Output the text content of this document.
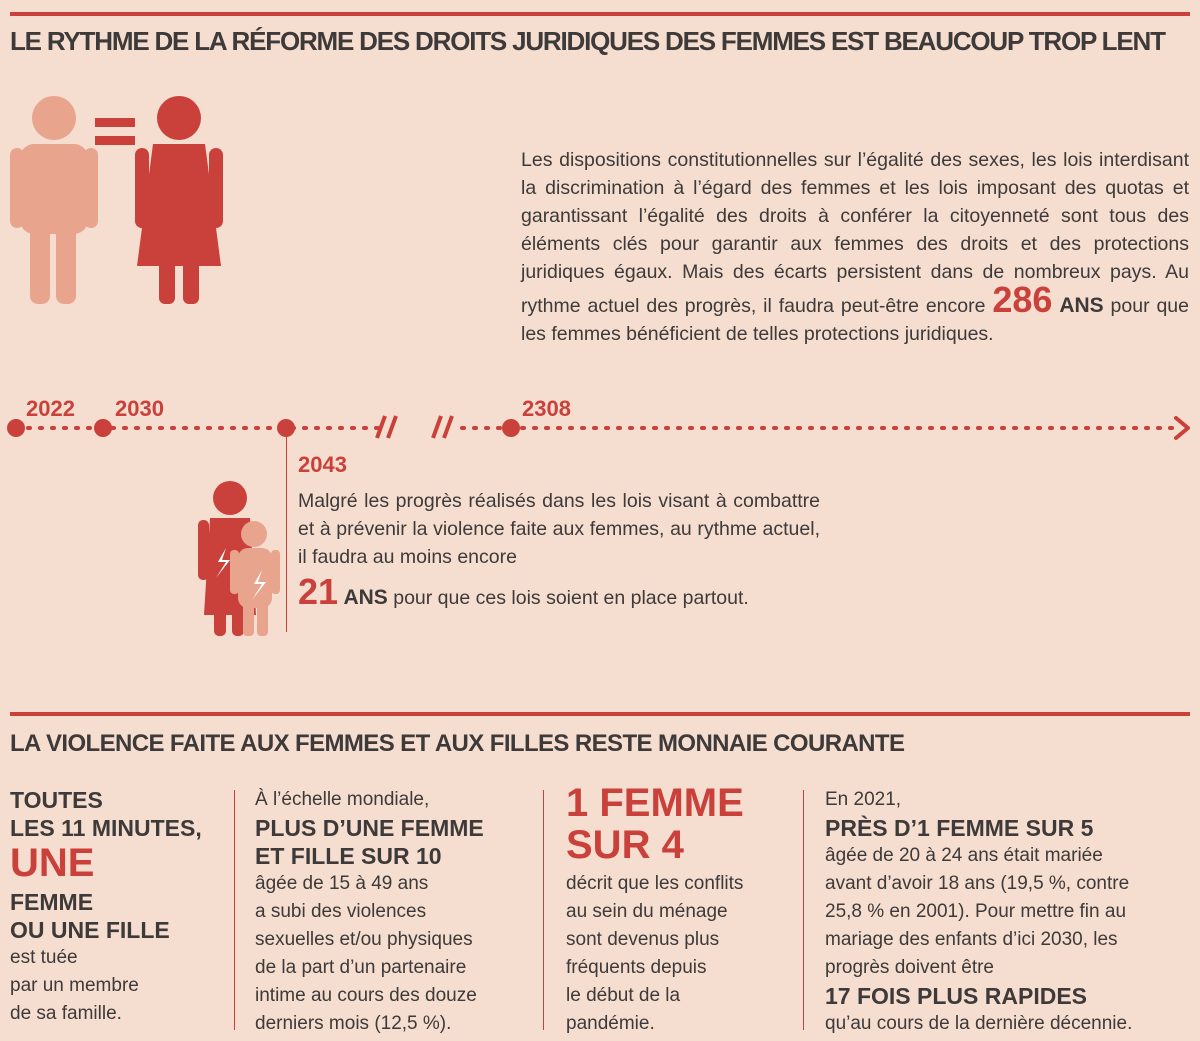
LE RYTHME DE LA RÉFORME DES DROITS JURIDIQUES DES FEMMES EST BEAUCOUP TROP LENT
Les dispositions constitutionnelles sur l’égalité des sexes, les lois interdisant la discrimination à l’égard des femmes et les lois imposant des quotas et garantissant l’égalité des droits à conférer la citoyenneté sont tous des éléments clés pour garantir aux femmes des droits et des protections juridiques égaux. Mais des écarts persistent dans de nombreux pays. Au rythme actuel des progrès, il faudra peut-être encore 286 ANS pour que les femmes bénéficient de telles protections juridiques.
2022 2030
2043
2308
Malgré les progrès réalisés dans les lois visant à combattre et à prévenir la violence faite aux femmes, au rythme actuel, il faudra au moins encore
21 ANS pour que ces lois soient en place partout.
LA VIOLENCE FAITE AUX FEMMES ET AUX FILLES RESTE MONNAIE COURANTE
TOUTES
LES 11 MINUTES,
UNE
FEMME
OU UNE FILLE
est tuée
par un membre
de sa famille.
À l’échelle mondiale,
PLUS D’UNE FEMME
ET FILLE SUR 10
âgée de 15 à 49 ans
a subi des violences
sexuelles et/ou physiques
de la part d’un partenaire
intime au cours des douze
derniers mois (12,5 %).
1 FEMME
SUR 4
décrit que les conflits
au sein du ménage
sont devenus plus
fréquents depuis
le début de la
pandémie.
En 2021,
PRÈS D’1 FEMME SUR 5
âgée de 20 à 24 ans était mariée
avant d’avoir 18 ans (19,5 %, contre
25,8 % en 2001). Pour mettre fin au
mariage des enfants d’ici 2030, les
progrès doivent être
17 FOIS PLUS RAPIDES
qu’au cours de la dernière décennie.
